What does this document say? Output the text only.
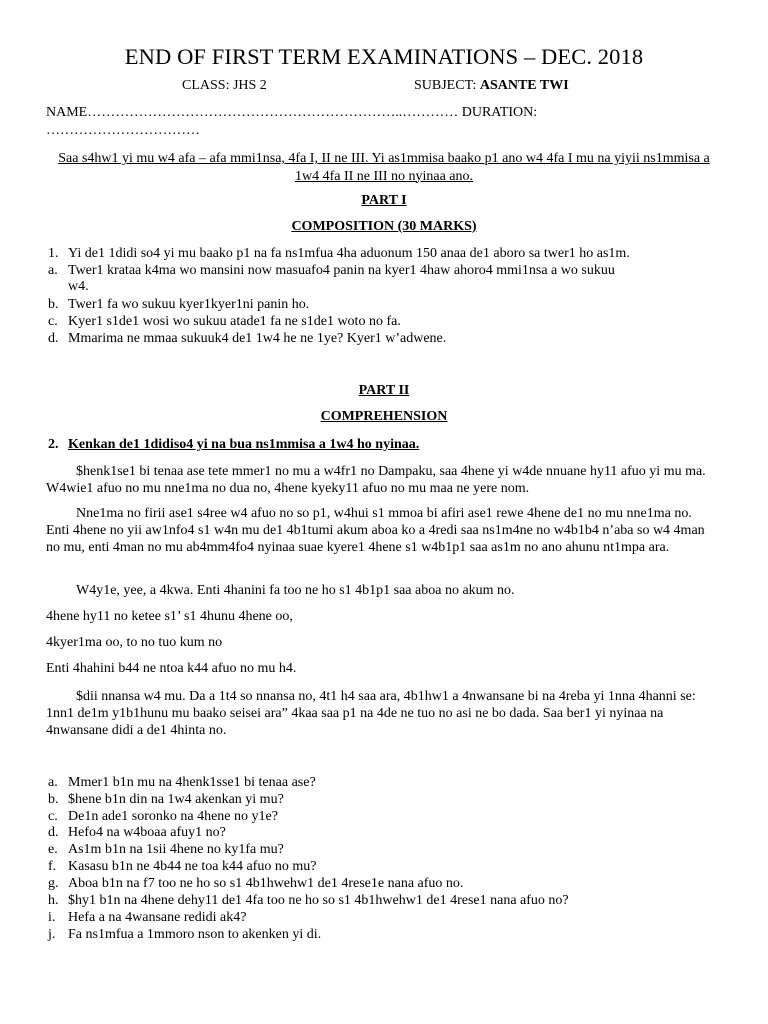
END OF FIRST TERM EXAMINATIONS – DEC. 2018
CLASS: JHS 2	SUBJECT: ASANTE TWI
NAME…………………………………………………………..………… DURATION:
……………………………
Saa s4hw1 yi mu w4 afa – afa mmi1nsa, 4fa I, II ne III. Yi as1mmisa baako p1 ano w4 4fa I mu na yiyii ns1mmisa a 1w4 4fa II ne III no nyinaa ano.
PART I
COMPOSITION (30 MARKS)
1. Yi de1 1didi so4 yi mu baako p1 na fa ns1mfua 4ha aduonum 150 anaa de1 aboro sa twer1 ho as1m.
a. Twer1 krataa k4ma wo mansini now masuafo4 panin na kyer1 4haw ahoro4 mmi1nsa a wo sukuu
w4.
b. Twer1 fa wo sukuu kyer1kyer1ni panin ho.
c. Kyer1 s1de1 wosi wo sukuu atade1 fa ne s1de1 woto no fa.
d. Mmarima ne mmaa sukuuk4 de1 1w4 he ne 1ye? Kyer1 w’adwene.
PART II
COMPREHENSION
2. Kenkan de1 1didiso4 yi na bua ns1mmisa a 1w4 ho nyinaa.
$henk1se1 bi tenaa ase tete mmer1 no mu a w4fr1 no Dampaku, saa 4hene yi w4de nnuane hy11 afuo yi mu ma. W4wie1 afuo no mu nne1ma no dua no, 4hene kyeky11 afuo no mu maa ne yere nom.
Nne1ma no firii ase1 s4ree w4 afuo no so p1, w4hui s1 mmoa bi afiri ase1 rewe 4hene de1 no mu nne1ma no. Enti 4hene no yii aw1nfo4 s1 w4n mu de1 4b1tumi akum aboa ko a 4redi saa ns1m4ne no w4b1b4 n’aba so w4 4man no mu, enti 4man no mu ab4mm4fo4 nyinaa suae kyere1 4hene s1 w4b1p1 saa as1m no ano ahunu nt1mpa ara.
W4y1e, yee, a 4kwa. Enti 4hanini fa too ne ho s1 4b1p1 saa aboa no akum no.
4hene hy11 no ketee s1’ s1 4hunu 4hene oo,
4kyer1ma oo, to no tuo kum no
Enti 4hahini b44 ne ntoa k44 afuo no mu h4.
$dii nnansa w4 mu. Da a 1t4 so nnansa no, 4t1 h4 saa ara, 4b1hw1 a 4nwansane bi na 4reba yi 1nna 4hanni se: 1nn1 de1m y1b1hunu mu baako seisei ara” 4kaa saa p1 na 4de ne tuo no asi ne bo dada. Saa ber1 yi nyinaa na 4nwansane didi a de1 4hinta no.
a. Mmer1 b1n mu na 4henk1sse1 bi tenaa ase?
b. $hene b1n din na 1w4 akenkan yi mu?
c. De1n ade1 soronko na 4hene no y1e?
d. Hefo4 na w4boaa afuy1 no?
e. As1m b1n na 1sii 4hene no ky1fa mu?
f. Kasasu b1n ne 4b44 ne toa k44 afuo no mu?
g. Aboa b1n na f7 too ne ho so s1 4b1hwehw1 de1 4rese1e nana afuo no.
h. $hy1 b1n na 4hene dehy11 de1 4fa too ne ho so s1 4b1hwehw1 de1 4rese1 nana afuo no?
i. Hefa a na 4wansane redidi ak4?
j. Fa ns1mfua a 1mmoro nson to akenken yi di.
